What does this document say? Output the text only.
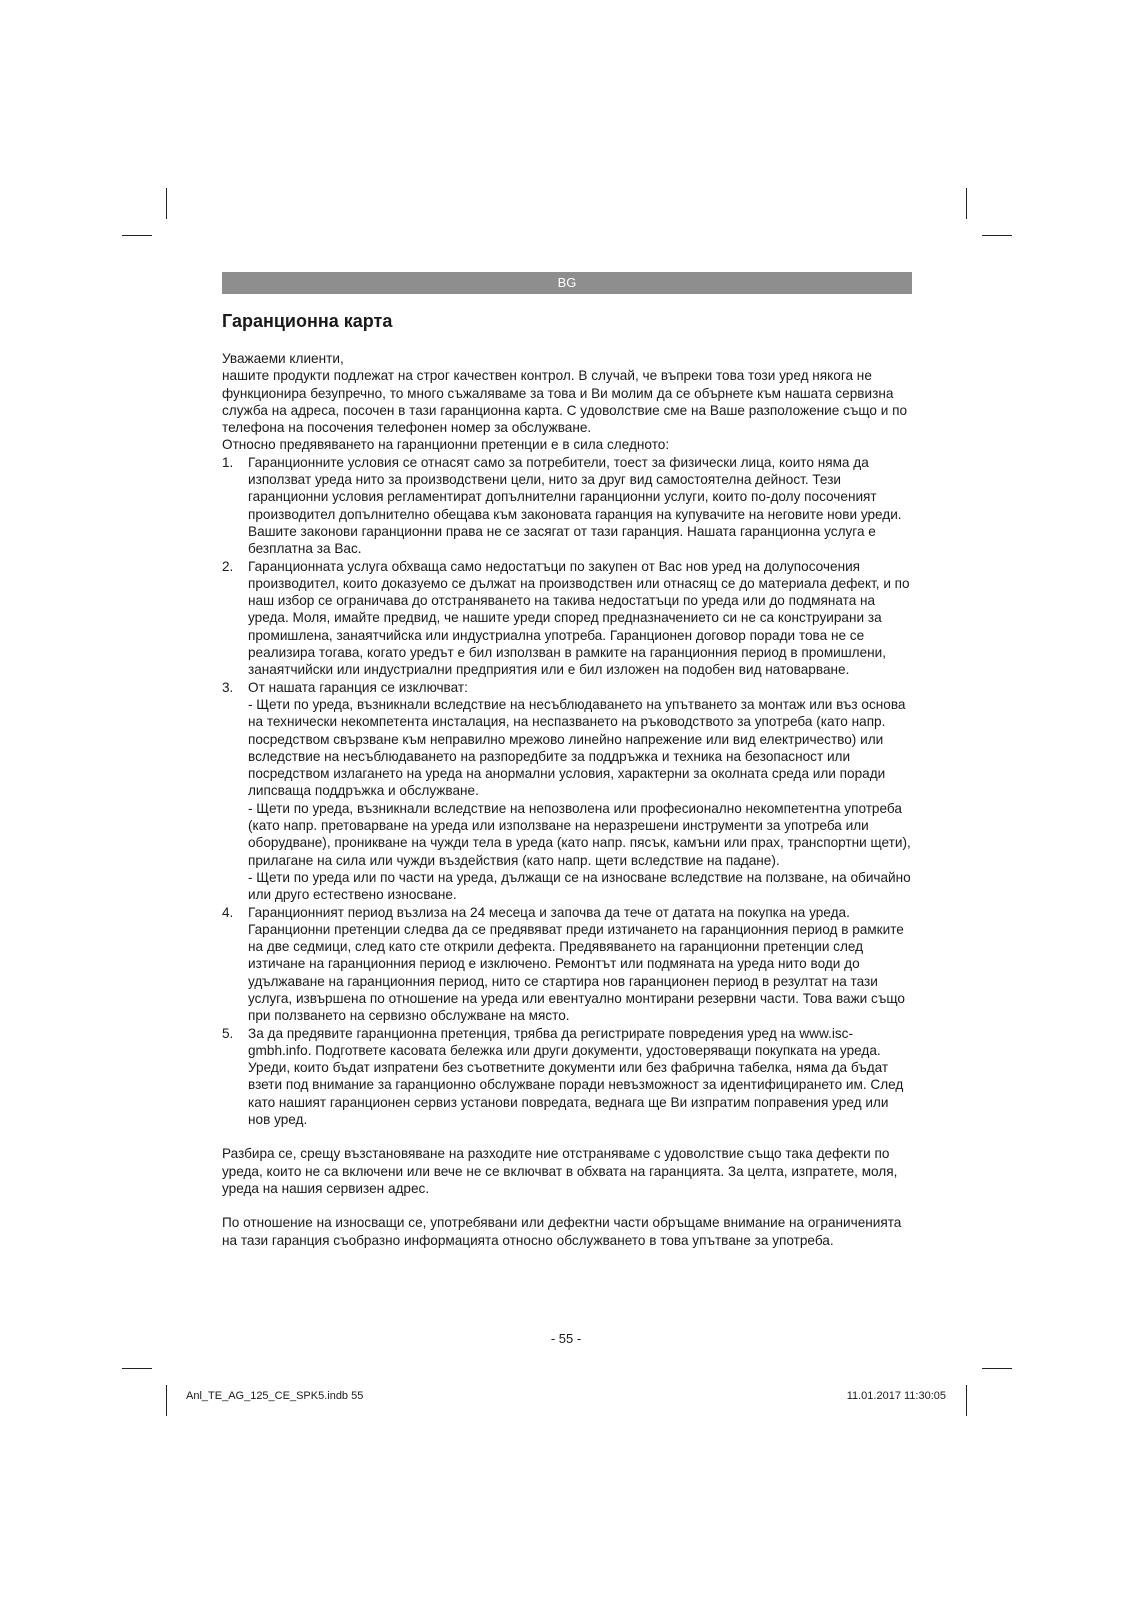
BG
Гаранционна карта

Уважаеми клиенти,

нашите продукти подлежат на строг качествен контрол. В случай, че въпреки това този уред някога не функционира безупречно, то много съжаляваме за това и Ви молим да се обърнете към нашата сервизна служба на адреса, посочен в тази гаранционна карта. С удоволствие сме на Ваше разположение също и по телефона на посочения телефонен номер за обслужване.

Относно предявяването на гаранционни претенции е в сила следното:

1. Гаранционните условия се отнасят само за потребители, тоест за физически лица, които няма да използват уреда нито за производствени цели, нито за друг вид самостоятелна дейност. Тези гаранционни условия регламентират допълнителни гаранционни услуги, които по-долу посоченият производител допълнително обещава към законовата гаранция на купувачите на неговите нови уреди. Вашите законови гаранционни права не се засягат от тази гаранция. Нашата гаранционна услуга е безплатна за Вас.

2. Гаранционната услуга обхваща само недостатъци по закупен от Вас нов уред на долупосочения производител, които доказуемо се дължат на производствен или отнасящ се до материала дефект, и по наш избор се ограничава до отстраняването на такива недостатъци по уреда или до подмяната на уреда. Моля, имайте предвид, че нашите уреди според предназначението си не са конструирани за промишлена, занаятчийска или индустриална употреба. Гаранционен договор поради това не се реализира тогава, когато уредът е бил използван в рамките на гаранционния период в промишлени, занаятчийски или индустриални предприятия или е бил изложен на подобен вид натоварване.

3. От нашата гаранция се изключват:

- Щети по уреда, възникнали вследствие на несъблюдаването на упътването за монтаж или въз основа на технически некомпетента инсталация, на неспазването на ръководството за употреба (като напр. посредством свързване към неправилно мрежово линейно напрежение или вид електричество) или вследствие на несъблюдаването на разпоредбите за поддръжка и техника на безопасност или посредством излагането на уреда на анормални условия, характерни за околната среда или поради липсваща поддръжка и обслужване.

- Щети по уреда, възникнали вследствие на непозволена или професионално некомпетентна употреба (като напр. претоварване на уреда или използване на неразрешени инструменти за употреба или оборудване), проникване на чужди тела в уреда (като напр. пясък, камъни или прах, транспортни щети), прилагане на сила или чужди въздействия (като напр. щети вследствие на падане).

- Щети по уреда или по части на уреда, дължащи се на износване вследствие на ползване, на обичайно или друго естествено износване.

4. Гаранционният период възлиза на 24 месеца и започва да тече от датата на покупка на уреда. Гаранционни претенции следва да се предявяват преди изтичането на гаранционния период в рамките на две седмици, след като сте открили дефекта. Предявяването на гаранционни претенции след изтичане на гаранционния период е изключено. Ремонтът или подмяната на уреда нито води до удължаване на гаранционния период, нито се стартира нов гаранционен период в резултат на тази услуга, извършена по отношение на уреда или евентуално монтирани резервни части. Това важи също при ползването на сервизно обслужване на място.

5. За да предявите гаранционна претенция, трябва да регистрирате повредения уред на www.isc-gmbh.info. Подгответе касовата бележка или други документи, удостоверяващи покупката на уреда. Уреди, които бъдат изпратени без съответните документи или без фабрична табелка, няма да бъдат взети под внимание за гаранционно обслужване поради невъзможност за идентифицирането им. След като нашият гаранционен сервиз установи повредата, веднага ще Ви изпратим поправения уред или нов уред.

Разбира се, срещу възстановяване на разходите ние отстраняваме с удоволствие също така дефекти по уреда, които не са включени или вече не се включват в обхвата на гаранцията. За целта, изпратете, моля, уреда на нашия сервизен адрес.

По отношение на износващи се, употребявани или дефектни части обръщаме внимание на ограниченията на тази гаранция съобразно информацията относно обслужването в това упътване за употреба.

- 55 -
Anl_TE_AG_125_CE_SPK5.indb 55	11.01.2017 11:30:05
